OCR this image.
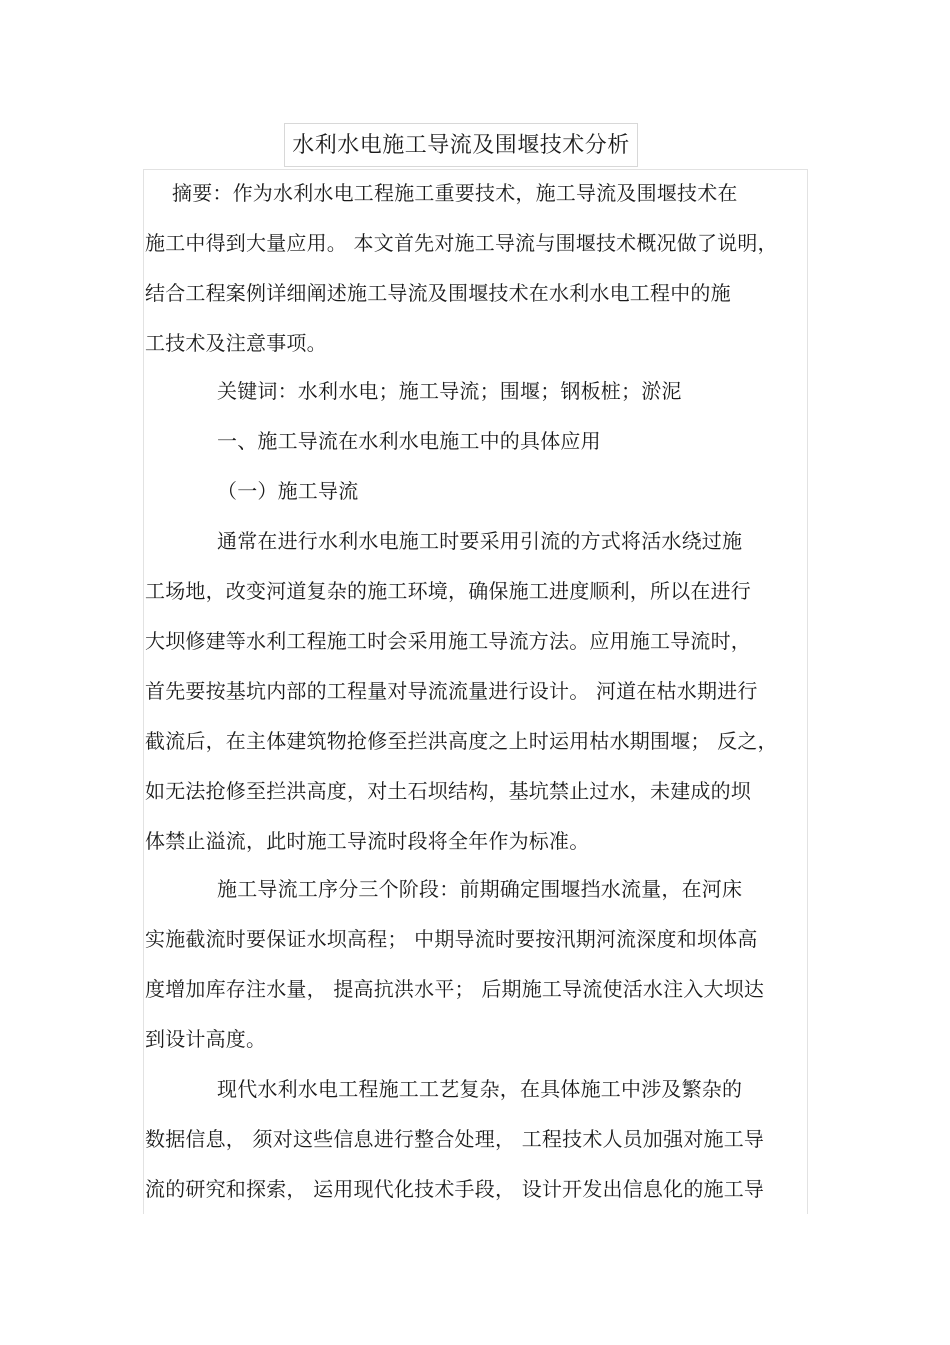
水利水电施工导流及围堰技术分析
摘要：作为水利水电工程施工重要技术，施工导流及围堰技术在
施工中得到大量应用。 本文首先对施工导流与围堰技术概况做了说明，
结合工程案例详细阐述施工导流及围堰技术在水利水电工程中的施
工技术及注意事项。
关键词：水利水电；施工导流；围堰；钢板桩；淤泥
一、施工导流在水利水电施工中的具体应用
（一）施工导流
通常在进行水利水电施工时要采用引流的方式将活水绕过施
工场地，改变河道复杂的施工环境，确保施工进度顺利，所以在进行
大坝修建等水利工程施工时会采用施工导流方法。应用施工导流时，
首先要按基坑内部的工程量对导流流量进行设计。 河道在枯水期进行
截流后，在主体建筑物抢修至拦洪高度之上时运用枯水期围堰； 反之，
如无法抢修至拦洪高度，对土石坝结构，基坑禁止过水，未建成的坝
体禁止溢流，此时施工导流时段将全年作为标准。
施工导流工序分三个阶段：前期确定围堰挡水流量，在河床
实施截流时要保证水坝高程； 中期导流时要按汛期河流深度和坝体高
度增加库存注水量， 提高抗洪水平； 后期施工导流使活水注入大坝达
到设计高度。
现代水利水电工程施工工艺复杂，在具体施工中涉及繁杂的
数据信息， 须对这些信息进行整合处理， 工程技术人员加强对施工导
流的研究和探索， 运用现代化技术手段， 设计开发出信息化的施工导
